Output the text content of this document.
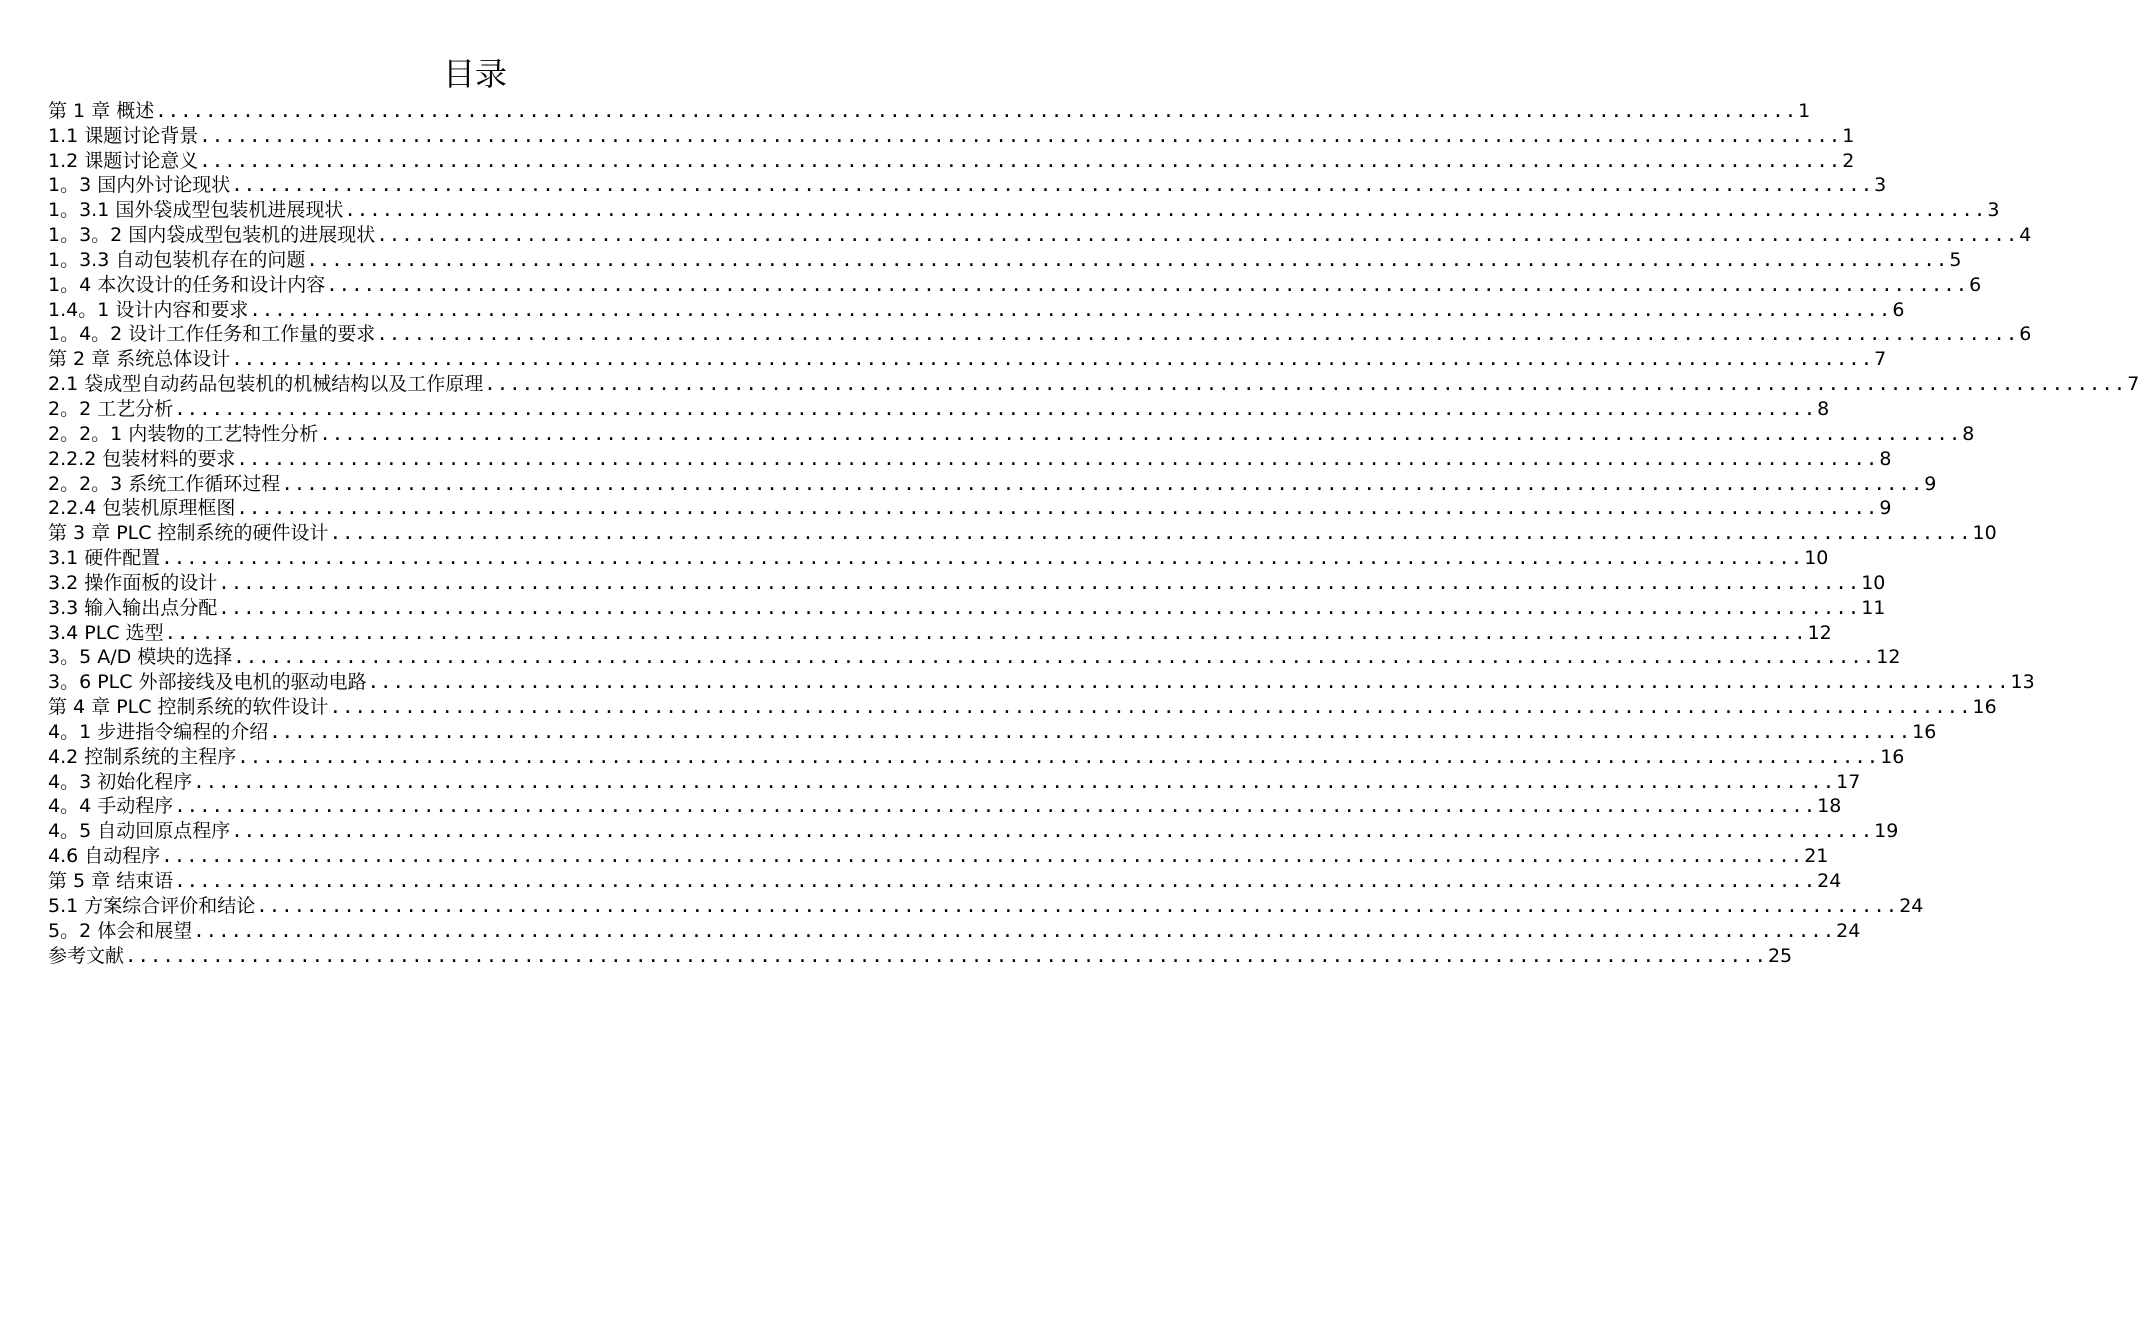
目录
第 1 章 概述 .................................................................................................................................... 1
1.1 课题讨论背景 .................................................................................................................................... 1
1.2 课题讨论意义 .................................................................................................................................... 2
1。3 国内外讨论现状 .................................................................................................................................... 3
1。3.1 国外袋成型包装机进展现状 .................................................................................................................................... 3
1。3。2 国内袋成型包装机的进展现状 .................................................................................................................................... 4
1。3.3 自动包装机存在的问题 .................................................................................................................................... 5
1。4 本次设计的任务和设计内容 .................................................................................................................................... 6
1.4。1 设计内容和要求 .................................................................................................................................... 6
1。4。2 设计工作任务和工作量的要求 .................................................................................................................................... 6
第 2 章 系统总体设计 .................................................................................................................................... 7
2.1 袋成型自动药品包装机的机械结构以及工作原理 .................................................................................................................................... 7
2。2 工艺分析 .................................................................................................................................... 8
2。2。1 内装物的工艺特性分析 .................................................................................................................................... 8
2.2.2 包装材料的要求 .................................................................................................................................... 8
2。2。3 系统工作循环过程 .................................................................................................................................... 9
2.2.4 包装机原理框图 .................................................................................................................................... 9
第 3 章 PLC 控制系统的硬件设计 .................................................................................................................................... 10
3.1 硬件配置 .................................................................................................................................... 10
3.2 操作面板的设计 .................................................................................................................................... 10
3.3 输入输出点分配 .................................................................................................................................... 11
3.4 PLC 选型 .................................................................................................................................... 12
3。5 A/D 模块的选择 .................................................................................................................................... 12
3。6 PLC 外部接线及电机的驱动电路 .................................................................................................................................... 13
第 4 章 PLC 控制系统的软件设计 .................................................................................................................................... 16
4。1 步进指令编程的介绍 .................................................................................................................................... 16
4.2 控制系统的主程序 .................................................................................................................................... 16
4。3 初始化程序 .................................................................................................................................... 17
4。4 手动程序 .................................................................................................................................... 18
4。5 自动回原点程序 .................................................................................................................................... 19
4.6 自动程序 .................................................................................................................................... 21
第 5 章 结束语 .................................................................................................................................... 24
5.1 方案综合评价和结论 .................................................................................................................................... 24
5。2 体会和展望 .................................................................................................................................... 24
参考文献 .................................................................................................................................... 25
